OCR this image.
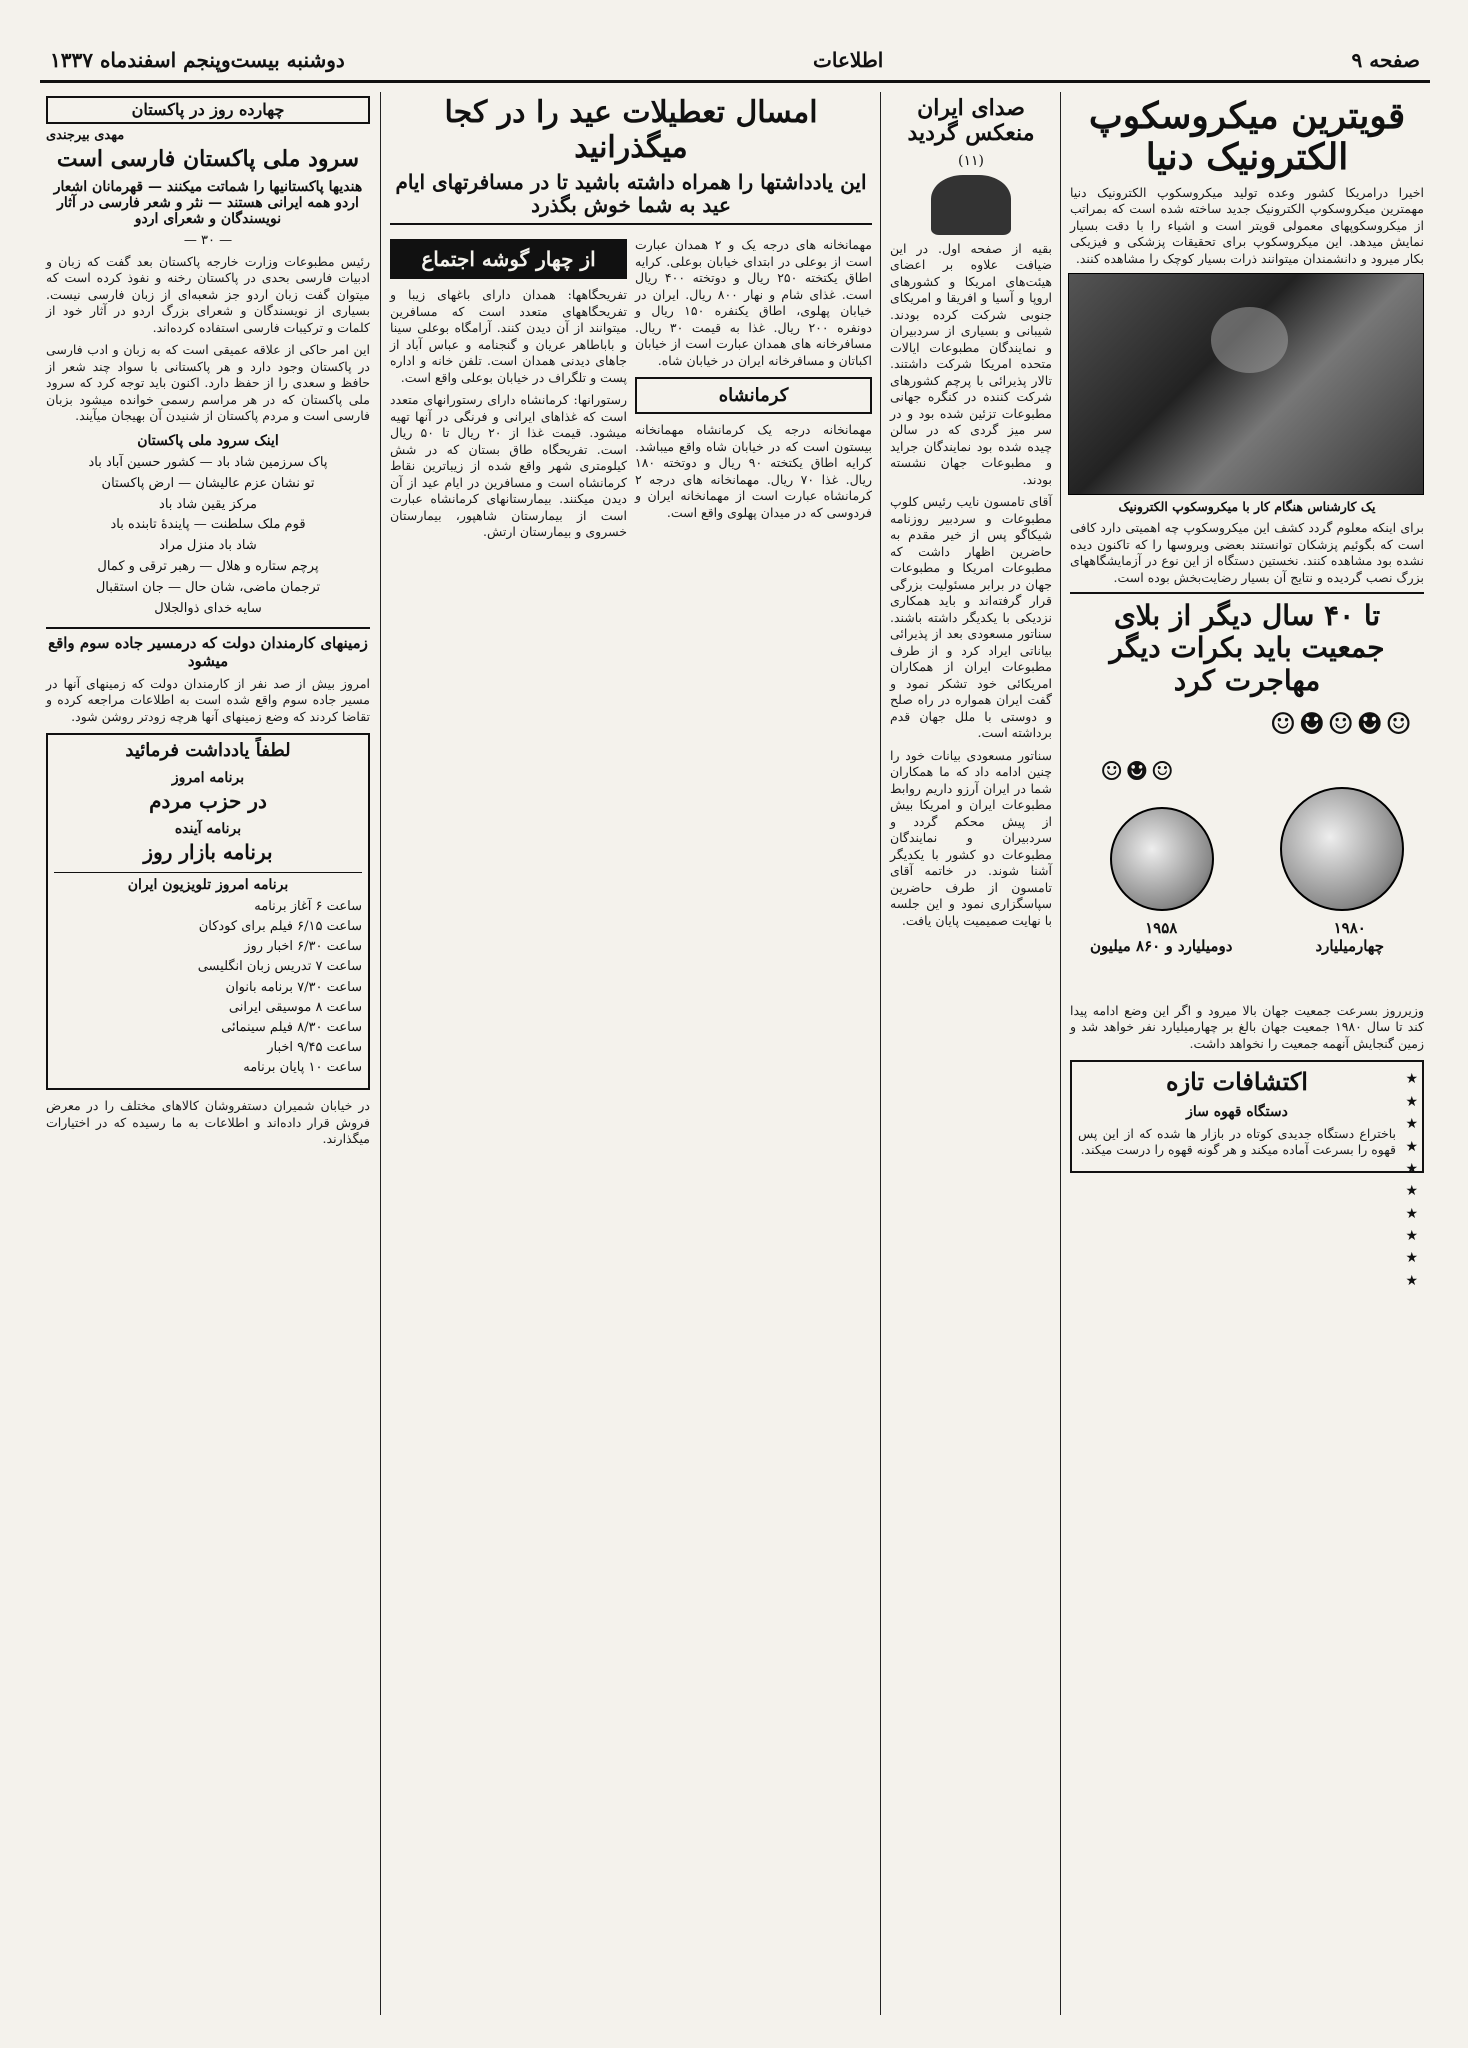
صفحه ۹
اطلاعات
دوشنبه بیست‌وپنجم اسفندماه ۱۳۳۷
قویترین میکروسکوپ الکترونیک دنیا
اخیرا درامریکا کشور وعده تولید میکروسکوپ الکترونیک دنیا مهمترین میکروسکوپ الکترونیک جدید ساخته شده است که بمراتب از میکروسکوپهای معمولی قویتر است و اشیاء را با دقت بسیار نمایش میدهد. این میکروسکوپ برای تحقیقات پزشکی و فیزیکی بکار میرود و دانشمندان میتوانند ذرات بسیار کوچک را مشاهده کنند.
یک کارشناس هنگام کار با میکروسکوپ الکترونیک
برای اینکه معلوم گردد کشف این میکروسکوپ چه اهمیتی دارد کافی است که بگوئیم پزشکان توانستند بعضی ویروسها را که تاکنون دیده نشده بود مشاهده کنند. نخستین دستگاه از این نوع در آزمایشگاههای بزرگ نصب گردیده و نتایج آن بسیار رضایت‌بخش بوده است.
تا ۴۰ سال دیگر از بلای جمعیت باید بکرات دیگر مهاجرت کرد
☺☻☺☻☺
☺☻☺
۱۹۸۰
چهارمیلیارد
۱۹۵۸
دومیلیارد و ۸۶۰ میلیون
وزیرروز بسرعت جمعیت جهان بالا میرود و اگر این وضع ادامه پیدا کند تا سال ۱۹۸۰ جمعیت جهان بالغ بر چهارمیلیارد نفر خواهد شد و زمین گنجایش آنهمه جمعیت را نخواهد داشت.
★ ★ ★ ★ ★ ★ ★ ★ ★ ★
اکتشافات تازه
دستگاه قهوه ساز
باختراع دستگاه جدیدی کوتاه در بازار ها شده که از این پس قهوه را بسرعت آماده میکند و هر گونه قهوه را درست میکند.
صدای ایران منعکس گردید
(۱۱)
بقیه از صفحه اول. در این ضیافت علاوه بر اعضای هیئت‌های امریکا و کشورهای اروپا و آسیا و افریقا و امریکای جنوبی شرکت کرده بودند. شیبانی و بسیاری از سردبیران و نمایندگان مطبوعات ایالات متحده امریکا شرکت داشتند. تالار پذیرائی با پرچم کشورهای شرکت کننده در کنگره جهانی مطبوعات تزئین شده بود و در سر میز گردی که در سالن چیده شده بود نمایندگان جراید و مطبوعات جهان نشسته بودند.
آقای تامسون نایب رئیس کلوپ مطبوعات و سردبیر روزنامه شیکاگو پس از خیر مقدم به حاضرین اظهار داشت که مطبوعات امریکا و مطبوعات جهان در برابر مسئولیت بزرگی قرار گرفته‌اند و باید همکاری نزدیکی با یکدیگر داشته باشند. سناتور مسعودی بعد از پذیرائی بیاناتی ایراد کرد و از طرف مطبوعات ایران از همکاران امریکائی خود تشکر نمود و گفت ایران همواره در راه صلح و دوستی با ملل جهان قدم برداشته است.
سناتور مسعودی بیانات خود را چنین ادامه داد که ما همکاران شما در ایران آرزو داریم روابط مطبوعات ایران و امریکا بیش از پیش محکم گردد و سردبیران و نمایندگان مطبوعات دو کشور با یکدیگر آشنا شوند. در خاتمه آقای تامسون از طرف حاضرین سپاسگزاری نمود و این جلسه با نهایت صمیمیت پایان یافت.
امسال تعطیلات عید را در کجا میگذرانید
این یادداشتها را همراه داشته باشید تا در مسافرتهای ایام عید به شما خوش بگذرد
مهمانخانه های درجه یک و ۲ همدان عبارت است از بوعلی در ابتدای خیابان بوعلی. کرایه اطاق یکتخته ۲۵۰ ریال و دوتخته ۴۰۰ ریال است. غذای شام و نهار ۸۰۰ ریال. ایران در خیابان پهلوی، اطاق یکنفره ۱۵۰ ریال و دونفره ۲۰۰ ریال. غذا به قیمت ۳۰ ریال. مسافرخانه های همدان عبارت است از خیابان اکباتان و مسافرخانه ایران در خیابان شاه.
کرمانشاه
مهمانخانه درجه یک کرمانشاه مهمانخانه بیستون است که در خیابان شاه واقع میباشد. کرایه اطاق یکتخته ۹۰ ریال و دوتخته ۱۸۰ ریال. غذا ۷۰ ریال. مهمانخانه های درجه ۲ کرمانشاه عبارت است از مهمانخانه ایران و فردوسی که در میدان پهلوی واقع است.
از چهار گوشه اجتماع
تفریحگاهها: همدان دارای باغهای زیبا و تفریحگاههای متعدد است که مسافرین میتوانند از آن دیدن کنند. آرامگاه بوعلی سینا و باباطاهر عریان و گنجنامه و عباس آباد از جاهای دیدنی همدان است. تلفن خانه و اداره پست و تلگراف در خیابان بوعلی واقع است.
رستورانها: کرمانشاه دارای رستورانهای متعدد است که غذاهای ایرانی و فرنگی در آنها تهیه میشود. قیمت غذا از ۲۰ ریال تا ۵۰ ریال است. تفریحگاه طاق بستان که در شش کیلومتری شهر واقع شده از زیباترین نقاط کرمانشاه است و مسافرین در ایام عید از آن دیدن میکنند. بیمارستانهای کرمانشاه عبارت است از بیمارستان شاهپور، بیمارستان خسروی و بیمارستان ارتش.
چهارده روز در پاکستان
مهدی بیرجندی
سرود ملی پاکستان فارسی است
هندیها پاکستانیها را شماتت میکنند — قهرمانان اشعار اردو همه ایرانی هستند — نثر و شعر فارسی در آثار نویسندگان و شعرای اردو
— ۳۰ —
رئیس مطبوعات وزارت خارجه پاکستان بعد گفت که زبان و ادبیات فارسی بحدی در پاکستان رخنه و نفوذ کرده است که میتوان گفت زبان اردو جز شعبه‌ای از زبان فارسی نیست. بسیاری از نویسندگان و شعرای بزرگ اردو در آثار خود از کلمات و ترکیبات فارسی استفاده کرده‌اند.
این امر حاکی از علاقه عمیقی است که به زبان و ادب فارسی در پاکستان وجود دارد و هر پاکستانی با سواد چند شعر از حافظ و سعدی را از حفظ دارد. اکنون باید توجه کرد که سرود ملی پاکستان که در هر مراسم رسمی خوانده میشود بزبان فارسی است و مردم پاکستان از شنیدن آن بهیجان میآیند.
اینک سرود ملی پاکستان
پاک سرزمین شاد باد — کشور حسین آباد باد
تو نشان عزم عالیشان — ارض پاکستان
مرکز یقین شاد باد
قوم ملک سلطنت — پایندهٔ تابنده باد
شاد باد منزل مراد
پرچم ستاره و هلال — رهبر ترقی و کمال
ترجمان ماضی، شان حال — جان استقبال
سایه خدای ذوالجلال
زمینهای کارمندان دولت که درمسیر جاده سوم واقع میشود
امروز بیش از صد نفر از کارمندان دولت که زمینهای آنها در مسیر جاده سوم واقع شده است به اطلاعات مراجعه کرده و تقاضا کردند که وضع زمینهای آنها هرچه زودتر روشن شود.
لطفاً یادداشت فرمائید
برنامه امروز
در حزب مردم
برنامه آینده
برنامه بازار روز
برنامه امروز تلویزیون ایران
ساعت ۶ آغاز برنامه
ساعت ۶/۱۵ فیلم برای کودکان
ساعت ۶/۳۰ اخبار روز
ساعت ۷ تدریس زبان انگلیسی
ساعت ۷/۳۰ برنامه بانوان
ساعت ۸ موسیقی ایرانی
ساعت ۸/۳۰ فیلم سینمائی
ساعت ۹/۴۵ اخبار
ساعت ۱۰ پایان برنامه
در خیابان شمیران دستفروشان کالاهای مختلف را در معرض فروش قرار داده‌اند و اطلاعات به ما رسیده که در اختیارات میگذارند.
